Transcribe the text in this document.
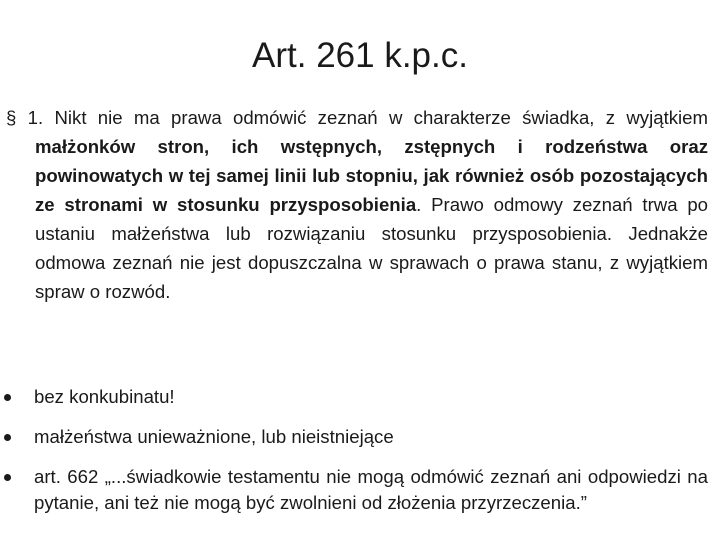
Art. 261 k.p.c.
§ 1. Nikt nie ma prawa odmówić zeznań w charakterze świadka, z wyjątkiem małżonków stron, ich wstępnych, zstępnych i rodzeństwa oraz powinowatych w tej samej linii lub stopniu, jak również osób pozostających ze stronami w stosunku przysposobienia. Prawo odmowy zeznań trwa po ustaniu małżeństwa lub rozwiązaniu stosunku przysposobienia. Jednakże odmowa zeznań nie jest dopuszczalna w sprawach o prawa stanu, z wyjątkiem spraw o rozwód.
bez konkubinatu!
małżeństwa unieważnione, lub nieistniejące
art. 662 „...świadkowie testamentu nie mogą odmówić zeznań ani odpowiedzi na pytanie, ani też nie mogą być zwolnieni od złożenia przyrzeczenia.”
